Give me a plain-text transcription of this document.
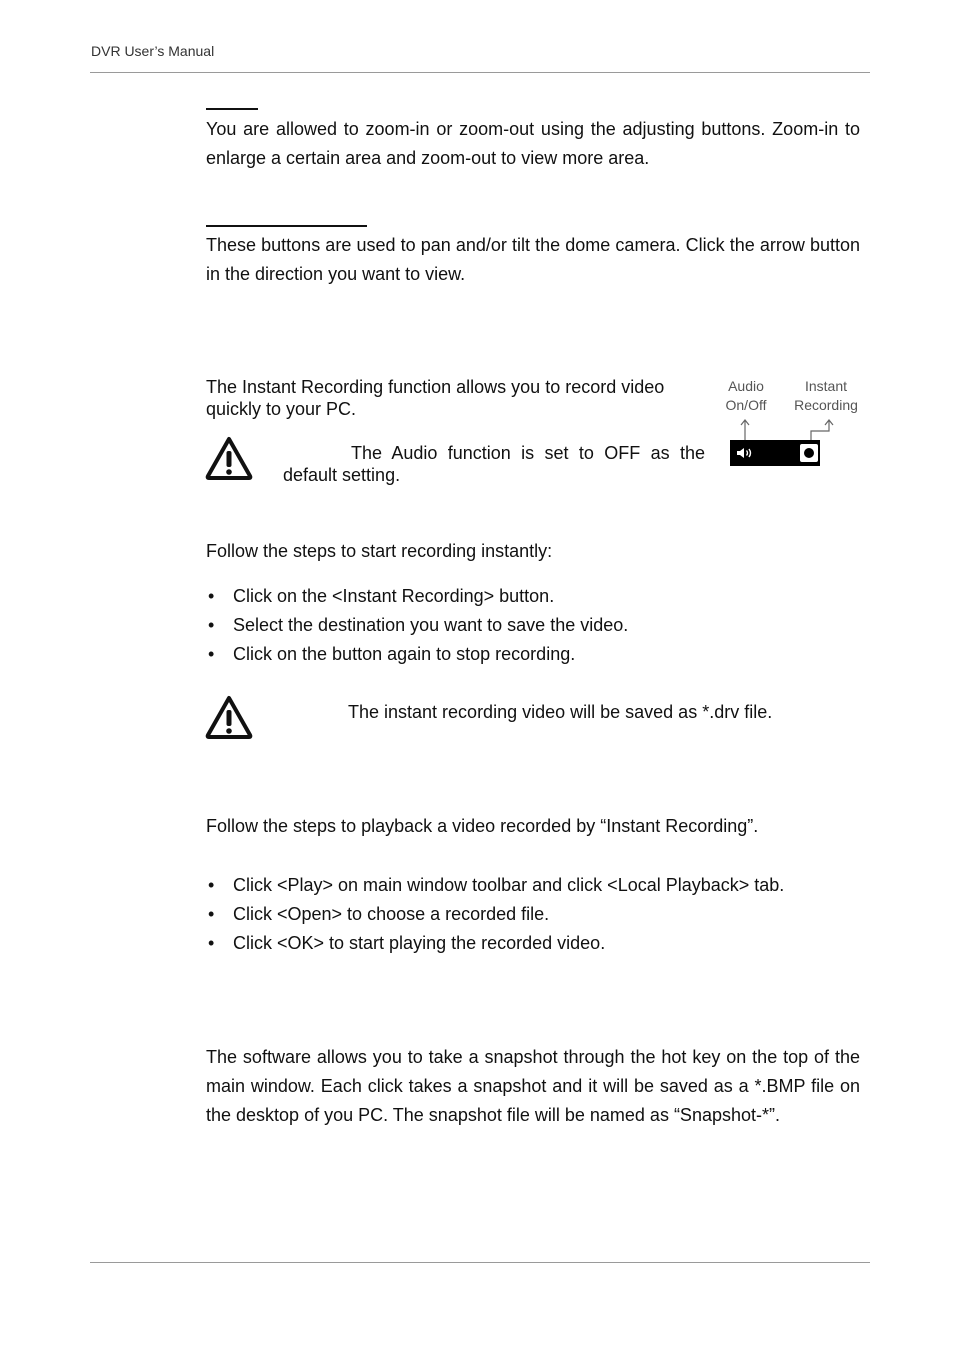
DVR User’s Manual
You are allowed to zoom-in or zoom-out using the adjusting buttons. Zoom-in to enlarge a certain area and zoom-out to view more area.
These buttons are used to pan and/or tilt the dome camera. Click the arrow button in the direction you want to view.
The Instant Recording function allows you to record video quickly to your PC.
The Audio function is set to OFF as the
default setting.
Audio
On/Off
Instant
Recording
Follow the steps to start recording instantly:
• Click on the <Instant Recording> button.
• Select the destination you want to save the video.
• Click on the button again to stop recording.
The instant recording video will be saved as *.drv file.
Follow the steps to playback a video recorded by “Instant Recording”.
• Click <Play> on main window toolbar and click <Local Playback> tab.
• Click <Open> to choose a recorded file.
• Click <OK> to start playing the recorded video.
The software allows you to take a snapshot through the hot key on the top of the main window. Each click takes a snapshot and it will be saved as a *.BMP file on the desktop of you PC. The snapshot file will be named as “Snapshot-*”.
